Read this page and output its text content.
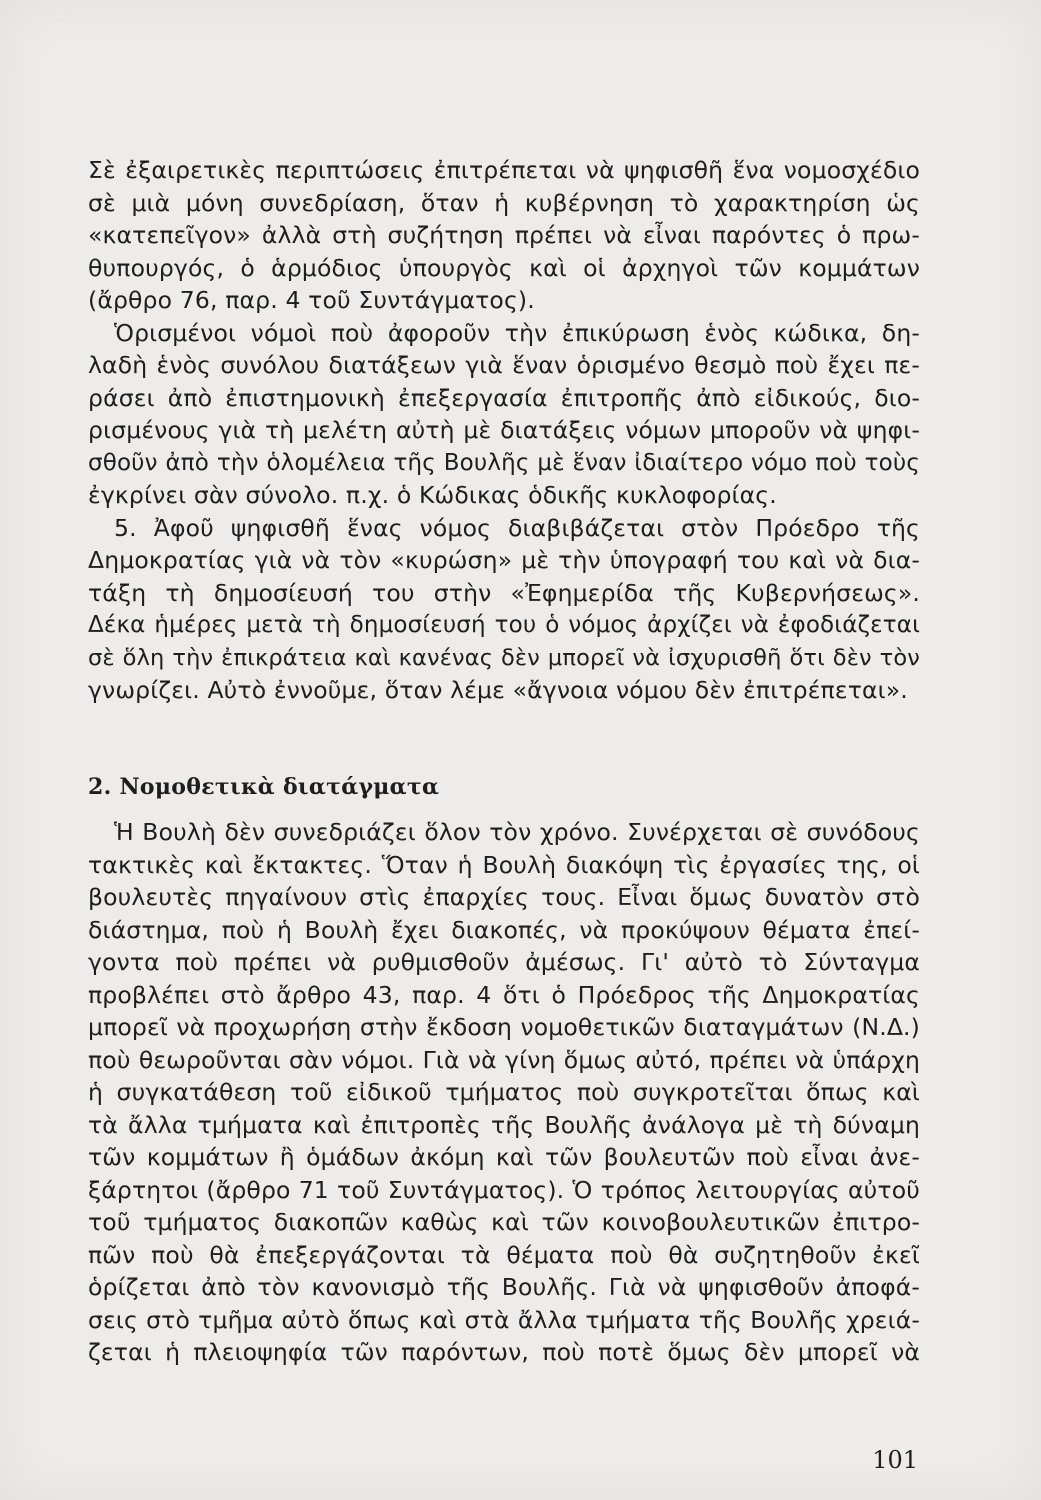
Σὲ ἐξαιρετικὲς περιπτώσεις ἐπιτρέπεται νὰ ψηφισθῆ ἕνα νομοσχέδιο
σὲ μιὰ μόνη συνεδρίαση, ὅταν ἡ κυβέρνηση τὸ χαρακτηρίση ὡς
«κατεπεῖγον» ἀλλὰ στὴ συζήτηση πρέπει νὰ εἶναι παρόντες ὁ πρω-
θυπουργός, ὁ ἁρμόδιος ὑπουργὸς καὶ οἱ ἀρχηγοὶ τῶν κομμάτων
(ἄρθρο 76, παρ. 4 τοῦ Συντάγματος).
Ὁρισμένοι νόμοὶ ποὺ ἀφοροῦν τὴν ἐπικύρωση ἑνὸς κώδικα, δη-
λαδὴ ἑνὸς συνόλου διατάξεων γιὰ ἕναν ὁρισμένο θεσμὸ ποὺ ἔχει πε-
ράσει ἀπὸ ἐπιστημονικὴ ἐπεξεργασία ἐπιτροπῆς ἀπὸ εἰδικούς, διο-
ρισμένους γιὰ τὴ μελέτη αὐτὴ μὲ διατάξεις νόμων μποροῦν νὰ ψηφι-
σθοῦν ἀπὸ τὴν ὁλομέλεια τῆς Βουλῆς μὲ ἕναν ἰδιαίτερο νόμο ποὺ τοὺς
ἐγκρίνει σὰν σύνολο. π.χ. ὁ Κώδικας ὁδικῆς κυκλοφορίας.
5. Ἀφοῦ ψηφισθῆ ἕνας νόμος διαβιβάζεται στὸν Πρόεδρο τῆς
Δημοκρατίας γιὰ νὰ τὸν «κυρώση» μὲ τὴν ὑπογραφή του καὶ νὰ δια-
τάξη τὴ δημοσίευσή του στὴν «Ἐφημερίδα τῆς Κυβερνήσεως».
Δέκα ἡμέρες μετὰ τὴ δημοσίευσή του ὁ νόμος ἀρχίζει νὰ ἐφοδιάζεται
σὲ ὅλη τὴν ἐπικράτεια καὶ κανένας δὲν μπορεῖ νὰ ἰσχυρισθῆ ὅτι δὲν τὸν
γνωρίζει. Αὐτὸ ἐννοῦμε, ὅταν λέμε «ἄγνοια νόμου δὲν ἐπιτρέπεται».
2. Νομοθετικὰ διατάγματα
Ἡ Βουλὴ δὲν συνεδριάζει ὅλον τὸν χρόνο. Συνέρχεται σὲ συνόδους
τακτικὲς καὶ ἔκτακτες. Ὅταν ἡ Βουλὴ διακόψη τὶς ἐργασίες της, οἱ
βουλευτὲς πηγαίνουν στὶς ἐπαρχίες τους. Εἶναι ὅμως δυνατὸν στὸ
διάστημα, ποὺ ἡ Βουλὴ ἔχει διακοπές, νὰ προκύψουν θέματα ἐπεί-
γοντα ποὺ πρέπει νὰ ρυθμισθοῦν ἀμέσως. Γι' αὐτὸ τὸ Σύνταγμα
προβλέπει στὸ ἄρθρο 43, παρ. 4 ὅτι ὁ Πρόεδρος τῆς Δημοκρατίας
μπορεῖ νὰ προχωρήση στὴν ἔκδοση νομοθετικῶν διαταγμάτων (Ν.Δ.)
ποὺ θεωροῦνται σὰν νόμοι. Γιὰ νὰ γίνη ὅμως αὐτό, πρέπει νὰ ὑπάρχη
ἡ συγκατάθεση τοῦ εἰδικοῦ τμήματος ποὺ συγκροτεῖται ὅπως καὶ
τὰ ἄλλα τμήματα καὶ ἐπιτροπὲς τῆς Βουλῆς ἀνάλογα μὲ τὴ δύναμη
τῶν κομμάτων ἢ ὁμάδων ἀκόμη καὶ τῶν βουλευτῶν ποὺ εἶναι ἀνε-
ξάρτητοι (ἄρθρο 71 τοῦ Συντάγματος). Ὁ τρόπος λειτουργίας αὐτοῦ
τοῦ τμήματος διακοπῶν καθὼς καὶ τῶν κοινοβουλευτικῶν ἐπιτρο-
πῶν ποὺ θὰ ἐπεξεργάζονται τὰ θέματα ποὺ θὰ συζητηθοῦν ἐκεῖ
ὁρίζεται ἀπὸ τὸν κανονισμὸ τῆς Βουλῆς. Γιὰ νὰ ψηφισθοῦν ἀποφά-
σεις στὸ τμῆμα αὐτὸ ὅπως καὶ στὰ ἄλλα τμήματα τῆς Βουλῆς χρειά-
ζεται ἡ πλειοψηφία τῶν παρόντων, ποὺ ποτὲ ὅμως δὲν μπορεῖ νὰ
101
